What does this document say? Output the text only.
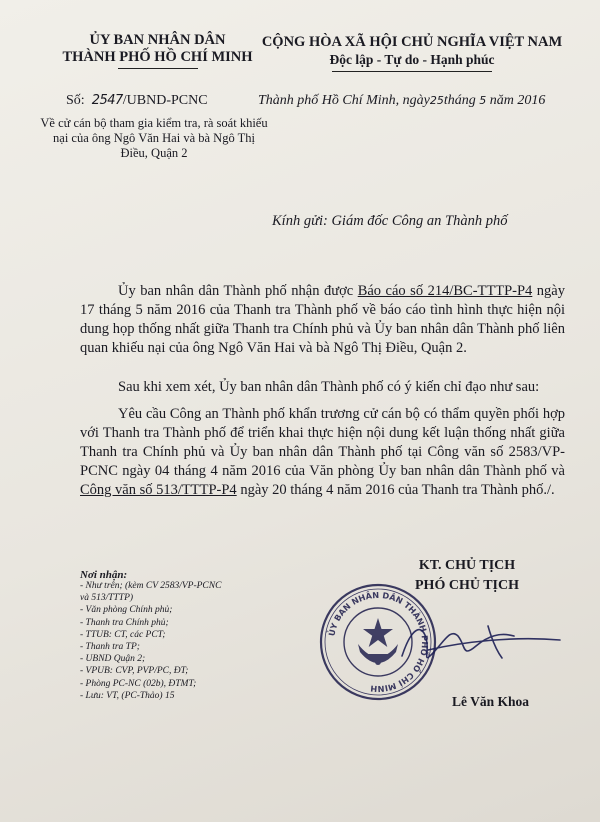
ỦY BAN NHÂN DÂN
THÀNH PHỐ HỒ CHÍ MINH
CỘNG HÒA XÃ HỘI CHỦ NGHĨA VIỆT NAM
Độc lập - Tự do - Hạnh phúc
Số: 2547/UBND-PCNC	Thành phố Hồ Chí Minh, ngày25tháng 5 năm 2016
Về cử cán bộ tham gia kiểm tra, rà soát khiếu nại của ông Ngô Văn Hai và bà Ngô Thị Điều, Quận 2
Kính gửi: Giám đốc Công an Thành phố
Ủy ban nhân dân Thành phố nhận được Báo cáo số 214/BC-TTTP-P4 ngày 17 tháng 5 năm 2016 của Thanh tra Thành phố về báo cáo tình hình thực hiện nội dung họp thống nhất giữa Thanh tra Chính phủ và Ủy ban nhân dân Thành phố liên quan khiếu nại của ông Ngô Văn Hai và bà Ngô Thị Điều, Quận 2.
Sau khi xem xét, Ủy ban nhân dân Thành phố có ý kiến chỉ đạo như sau:
Yêu cầu Công an Thành phố khẩn trương cử cán bộ có thẩm quyền phối hợp với Thanh tra Thành phố để triển khai thực hiện nội dung kết luận thống nhất giữa Thanh tra Chính phủ và Ủy ban nhân dân Thành phố tại Công văn số 2583/VP-PCNC ngày 04 tháng 4 năm 2016 của Văn phòng Ủy ban nhân dân Thành phố và Công văn số 513/TTTP-P4 ngày 20 tháng 4 năm 2016 của Thanh tra Thành phố./.
Nơi nhận:
- Như trên; (kèm CV 2583/VP-PCNC
và 513/TTTP)
- Văn phòng Chính phủ;
- Thanh tra Chính phủ;
- TTUB: CT, các PCT;
- Thanh tra TP;
- UBND Quận 2;
- VPUB: CVP, PVP/PC, ĐT;
- Phòng PC-NC (02b), ĐTMT;
- Lưu: VT, (PC-Thảo) 15
ỦY BAN NHÂN DÂN THÀNH PHỐ HỒ CHÍ MINH
KT. CHỦ TỊCH
PHÓ CHỦ TỊCH
Lê Văn Khoa
